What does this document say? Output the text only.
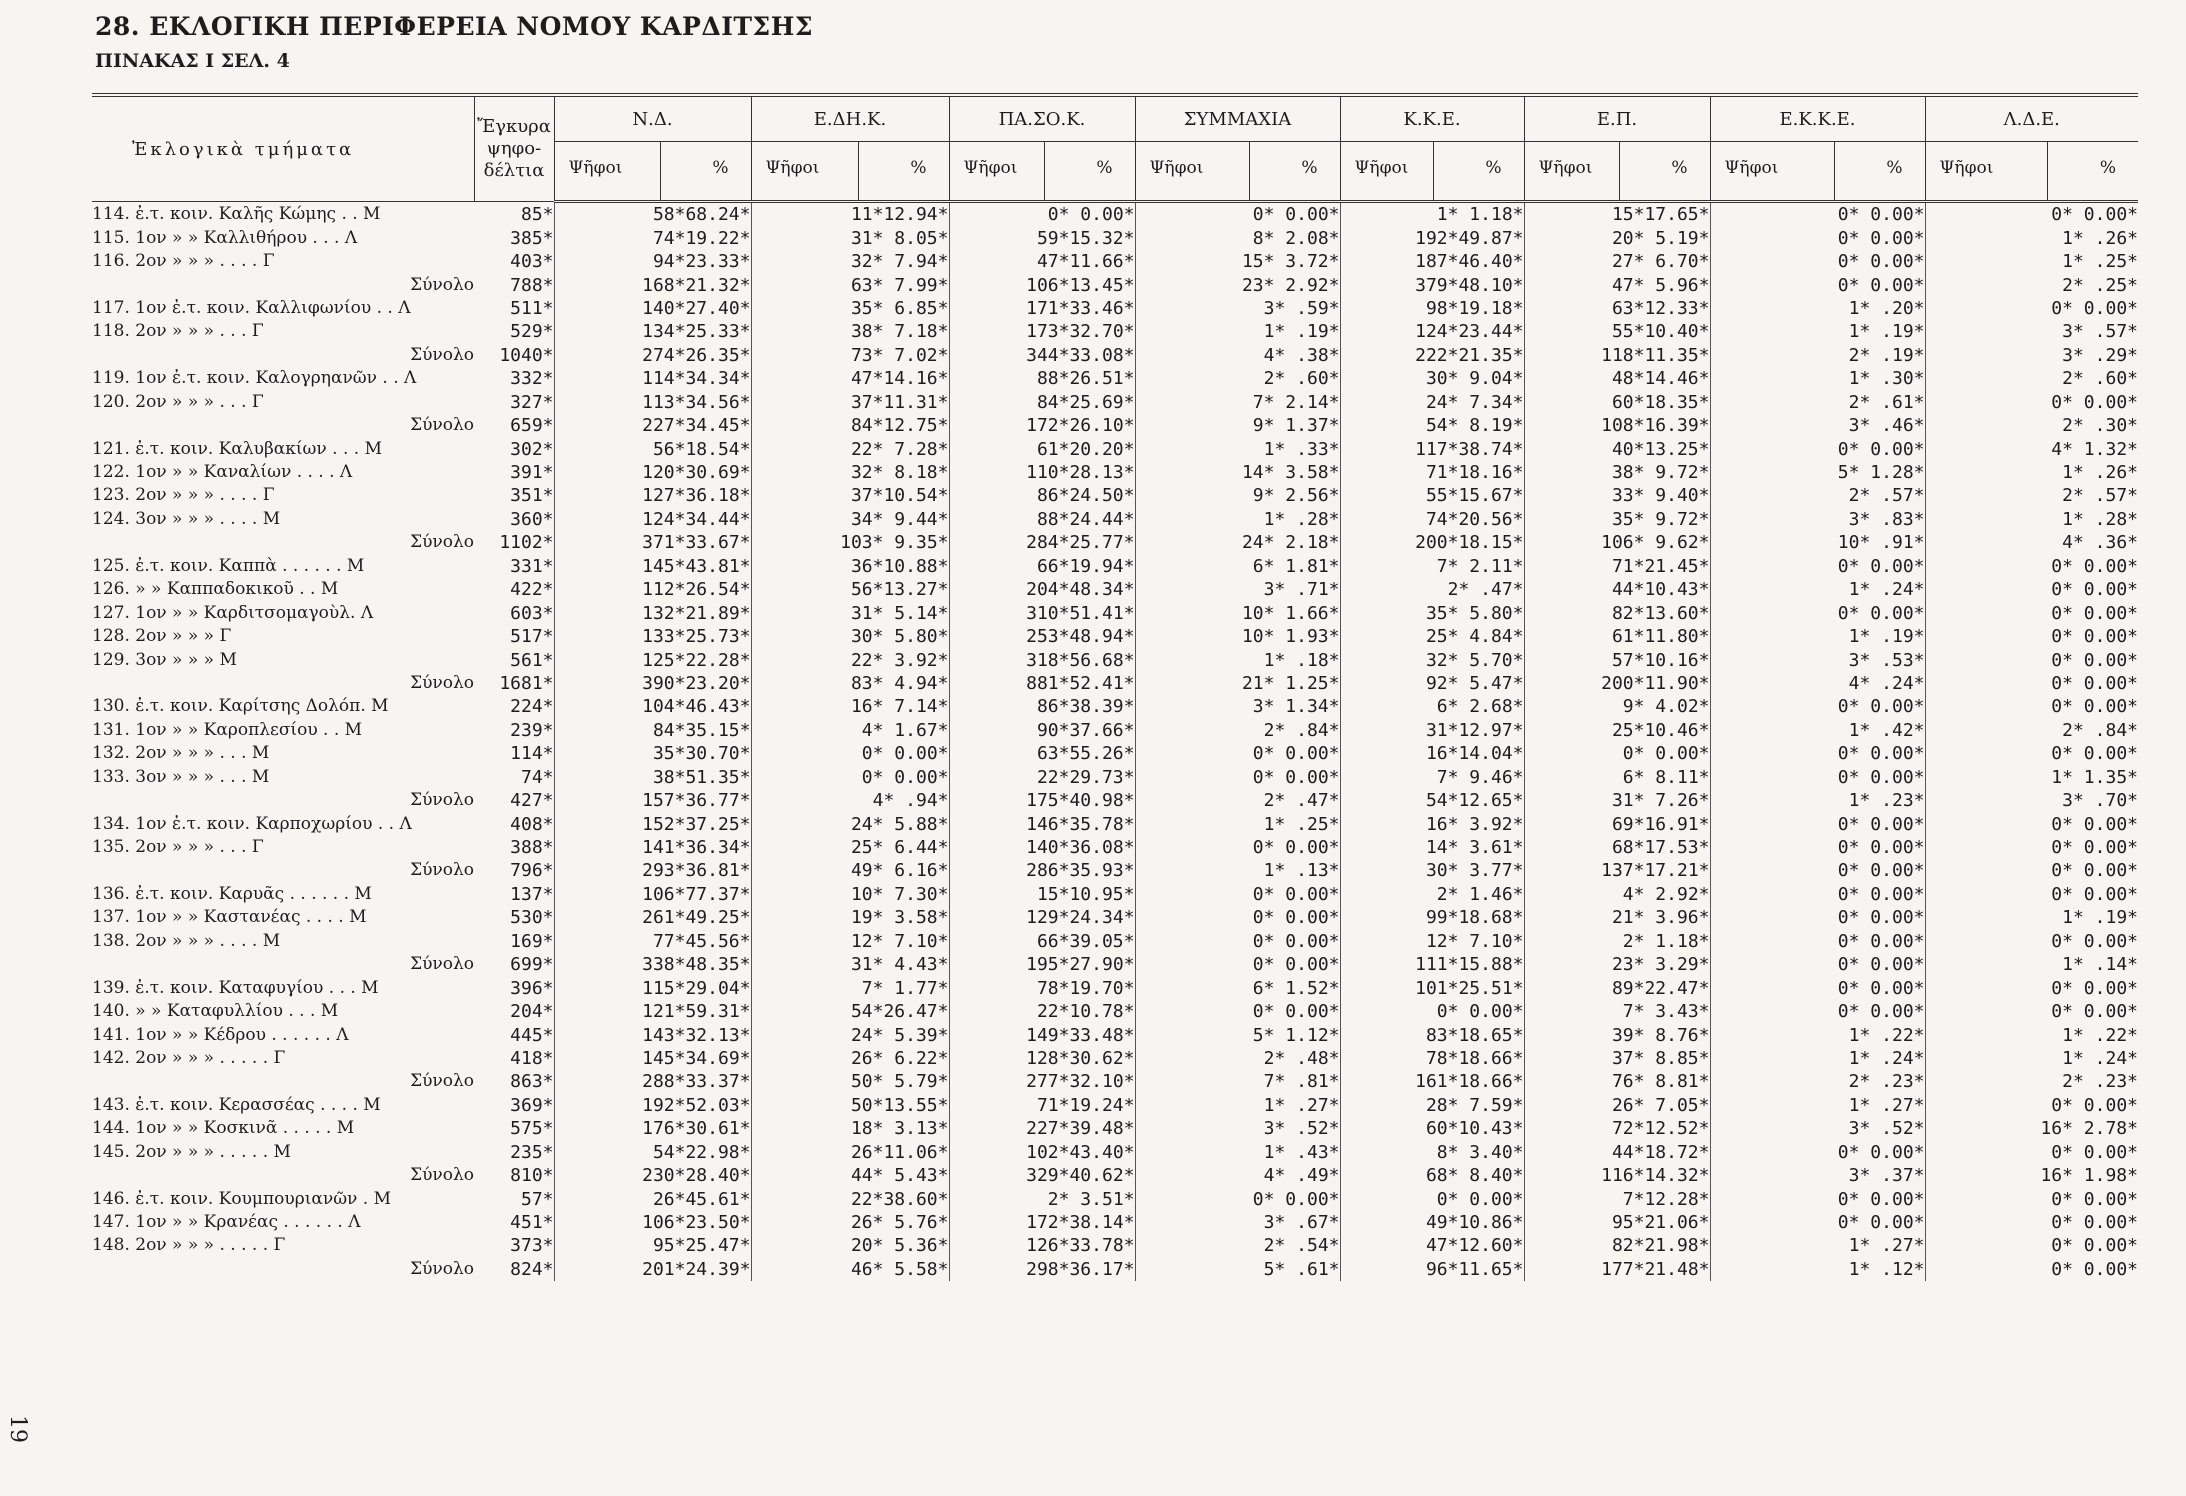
28. ΕΚΛΟΓΙΚΗ ΠΕΡΙΦΕΡΕΙΑ ΝΟΜΟΥ ΚΑΡΔΙΤΣΗΣ
ΠΙΝΑΚΑΣ Ι ΣΕΛ. 4
19
Ἐκλογικὰ τμήματα	Ἔγκυρα ψηφο- δέλτια	Ν.Δ.	Ε.ΔΗ.Κ.	ΠΑ.ΣΟ.Κ.	ΣΥΜΜΑΧΙΑ	Κ.Κ.Ε.	Ε.Π.	Ε.Κ.Κ.Ε.	Λ.Δ.Ε.

		Ψῆφοι %	Ψῆφοι %	Ψῆφοι %	Ψῆφοι %	Ψῆφοι %	Ψῆφοι %	Ψῆφοι %	Ψῆφοι %

114. ἐ.τ. κοιν. Καλῆς Κώμης . . Μ	85*	58*68.24*	11*12.94*	0* 0.00*	0* 0.00*	1* 1.18*	15*17.65*	0* 0.00*	0* 0.00*
115. 1ον » » Καλλιθήρου . . . Λ	385*	74*19.22*	31* 8.05*	59*15.32*	8* 2.08*	192*49.87*	20* 5.19*	0* 0.00*	1* .26*
116. 2ον » » » . . . . Γ	403*	94*23.33*	32* 7.94*	47*11.66*	15* 3.72*	187*46.40*	27* 6.70*	0* 0.00*	1* .25*
Σύνολο	788*	168*21.32*	63* 7.99*	106*13.45*	23* 2.92*	379*48.10*	47* 5.96*	0* 0.00*	2* .25*
117. 1ον ἐ.τ. κοιν. Καλλιφωνίου . . Λ	511*	140*27.40*	35* 6.85*	171*33.46*	3* .59*	98*19.18*	63*12.33*	1* .20*	0* 0.00*
118. 2ον » » » . . . Γ	529*	134*25.33*	38* 7.18*	173*32.70*	1* .19*	124*23.44*	55*10.40*	1* .19*	3* .57*
Σύνολο	1040*	274*26.35*	73* 7.02*	344*33.08*	4* .38*	222*21.35*	118*11.35*	2* .19*	3* .29*
119. 1ον ἐ.τ. κοιν. Καλογρηανῶν . . Λ	332*	114*34.34*	47*14.16*	88*26.51*	2* .60*	30* 9.04*	48*14.46*	1* .30*	2* .60*
120. 2ον » » » . . . Γ	327*	113*34.56*	37*11.31*	84*25.69*	7* 2.14*	24* 7.34*	60*18.35*	2* .61*	0* 0.00*
Σύνολο	659*	227*34.45*	84*12.75*	172*26.10*	9* 1.37*	54* 8.19*	108*16.39*	3* .46*	2* .30*
121. ἐ.τ. κοιν. Καλυβακίων . . . Μ	302*	56*18.54*	22* 7.28*	61*20.20*	1* .33*	117*38.74*	40*13.25*	0* 0.00*	4* 1.32*
122. 1ον » » Καναλίων . . . . Λ	391*	120*30.69*	32* 8.18*	110*28.13*	14* 3.58*	71*18.16*	38* 9.72*	5* 1.28*	1* .26*
123. 2ον » » » . . . . Γ	351*	127*36.18*	37*10.54*	86*24.50*	9* 2.56*	55*15.67*	33* 9.40*	2* .57*	2* .57*
124. 3ον » » » . . . . Μ	360*	124*34.44*	34* 9.44*	88*24.44*	1* .28*	74*20.56*	35* 9.72*	3* .83*	1* .28*
Σύνολο	1102*	371*33.67*	103* 9.35*	284*25.77*	24* 2.18*	200*18.15*	106* 9.62*	10* .91*	4* .36*
125. ἐ.τ. κοιν. Καππὰ . . . . . . Μ	331*	145*43.81*	36*10.88*	66*19.94*	6* 1.81*	7* 2.11*	71*21.45*	0* 0.00*	0* 0.00*
126. » » Καππαδοκικοῦ . . Μ	422*	112*26.54*	56*13.27*	204*48.34*	3* .71*	2* .47*	44*10.43*	1* .24*	0* 0.00*
127. 1ον » » Καρδιτσομαγοὺλ. Λ	603*	132*21.89*	31* 5.14*	310*51.41*	10* 1.66*	35* 5.80*	82*13.60*	0* 0.00*	0* 0.00*
128. 2ον » » » Γ	517*	133*25.73*	30* 5.80*	253*48.94*	10* 1.93*	25* 4.84*	61*11.80*	1* .19*	0* 0.00*
129. 3ον » » » Μ	561*	125*22.28*	22* 3.92*	318*56.68*	1* .18*	32* 5.70*	57*10.16*	3* .53*	0* 0.00*
Σύνολο	1681*	390*23.20*	83* 4.94*	881*52.41*	21* 1.25*	92* 5.47*	200*11.90*	4* .24*	0* 0.00*
130. ἐ.τ. κοιν. Καρίτσης Δολόπ. Μ	224*	104*46.43*	16* 7.14*	86*38.39*	3* 1.34*	6* 2.68*	9* 4.02*	0* 0.00*	0* 0.00*
131. 1ον » » Καροπλεσίου . . Μ	239*	84*35.15*	4* 1.67*	90*37.66*	2* .84*	31*12.97*	25*10.46*	1* .42*	2* .84*
132. 2ον » » » . . . Μ	114*	35*30.70*	0* 0.00*	63*55.26*	0* 0.00*	16*14.04*	0* 0.00*	0* 0.00*	0* 0.00*
133. 3ον » » » . . . Μ	74*	38*51.35*	0* 0.00*	22*29.73*	0* 0.00*	7* 9.46*	6* 8.11*	0* 0.00*	1* 1.35*
Σύνολο	427*	157*36.77*	4* .94*	175*40.98*	2* .47*	54*12.65*	31* 7.26*	1* .23*	3* .70*
134. 1ον ἐ.τ. κοιν. Καρποχωρίου . . Λ	408*	152*37.25*	24* 5.88*	146*35.78*	1* .25*	16* 3.92*	69*16.91*	0* 0.00*	0* 0.00*
135. 2ον » » » . . . Γ	388*	141*36.34*	25* 6.44*	140*36.08*	0* 0.00*	14* 3.61*	68*17.53*	0* 0.00*	0* 0.00*
Σύνολο	796*	293*36.81*	49* 6.16*	286*35.93*	1* .13*	30* 3.77*	137*17.21*	0* 0.00*	0* 0.00*
136. ἐ.τ. κοιν. Καρυᾶς . . . . . . Μ	137*	106*77.37*	10* 7.30*	15*10.95*	0* 0.00*	2* 1.46*	4* 2.92*	0* 0.00*	0* 0.00*
137. 1ον » » Καστανέας . . . . Μ	530*	261*49.25*	19* 3.58*	129*24.34*	0* 0.00*	99*18.68*	21* 3.96*	0* 0.00*	1* .19*
138. 2ον » » » . . . . Μ	169*	77*45.56*	12* 7.10*	66*39.05*	0* 0.00*	12* 7.10*	2* 1.18*	0* 0.00*	0* 0.00*
Σύνολο	699*	338*48.35*	31* 4.43*	195*27.90*	0* 0.00*	111*15.88*	23* 3.29*	0* 0.00*	1* .14*
139. ἐ.τ. κοιν. Καταφυγίου . . . Μ	396*	115*29.04*	7* 1.77*	78*19.70*	6* 1.52*	101*25.51*	89*22.47*	0* 0.00*	0* 0.00*
140. » » Καταφυλλίου . . . Μ	204*	121*59.31*	54*26.47*	22*10.78*	0* 0.00*	0* 0.00*	7* 3.43*	0* 0.00*	0* 0.00*
141. 1ον » » Κέδρου . . . . . . Λ	445*	143*32.13*	24* 5.39*	149*33.48*	5* 1.12*	83*18.65*	39* 8.76*	1* .22*	1* .22*
142. 2ον » » » . . . . . Γ	418*	145*34.69*	26* 6.22*	128*30.62*	2* .48*	78*18.66*	37* 8.85*	1* .24*	1* .24*
Σύνολο	863*	288*33.37*	50* 5.79*	277*32.10*	7* .81*	161*18.66*	76* 8.81*	2* .23*	2* .23*
143. ἐ.τ. κοιν. Κερασσέας . . . . Μ	369*	192*52.03*	50*13.55*	71*19.24*	1* .27*	28* 7.59*	26* 7.05*	1* .27*	0* 0.00*
144. 1ον » » Κοσκινᾶ . . . . . Μ	575*	176*30.61*	18* 3.13*	227*39.48*	3* .52*	60*10.43*	72*12.52*	3* .52*	16* 2.78*
145. 2ον » » » . . . . . Μ	235*	54*22.98*	26*11.06*	102*43.40*	1* .43*	8* 3.40*	44*18.72*	0* 0.00*	0* 0.00*
Σύνολο	810*	230*28.40*	44* 5.43*	329*40.62*	4* .49*	68* 8.40*	116*14.32*	3* .37*	16* 1.98*
146. ἐ.τ. κοιν. Κουμπουριανῶν . Μ	57*	26*45.61*	22*38.60*	2* 3.51*	0* 0.00*	0* 0.00*	7*12.28*	0* 0.00*	0* 0.00*
147. 1ον » » Κρανέας . . . . . . Λ	451*	106*23.50*	26* 5.76*	172*38.14*	3* .67*	49*10.86*	95*21.06*	0* 0.00*	0* 0.00*
148. 2ον » » » . . . . . Γ	373*	95*25.47*	20* 5.36*	126*33.78*	2* .54*	47*12.60*	82*21.98*	1* .27*	0* 0.00*
Σύνολο	824*	201*24.39*	46* 5.58*	298*36.17*	5* .61*	96*11.65*	177*21.48*	1* .12*	0* 0.00*
